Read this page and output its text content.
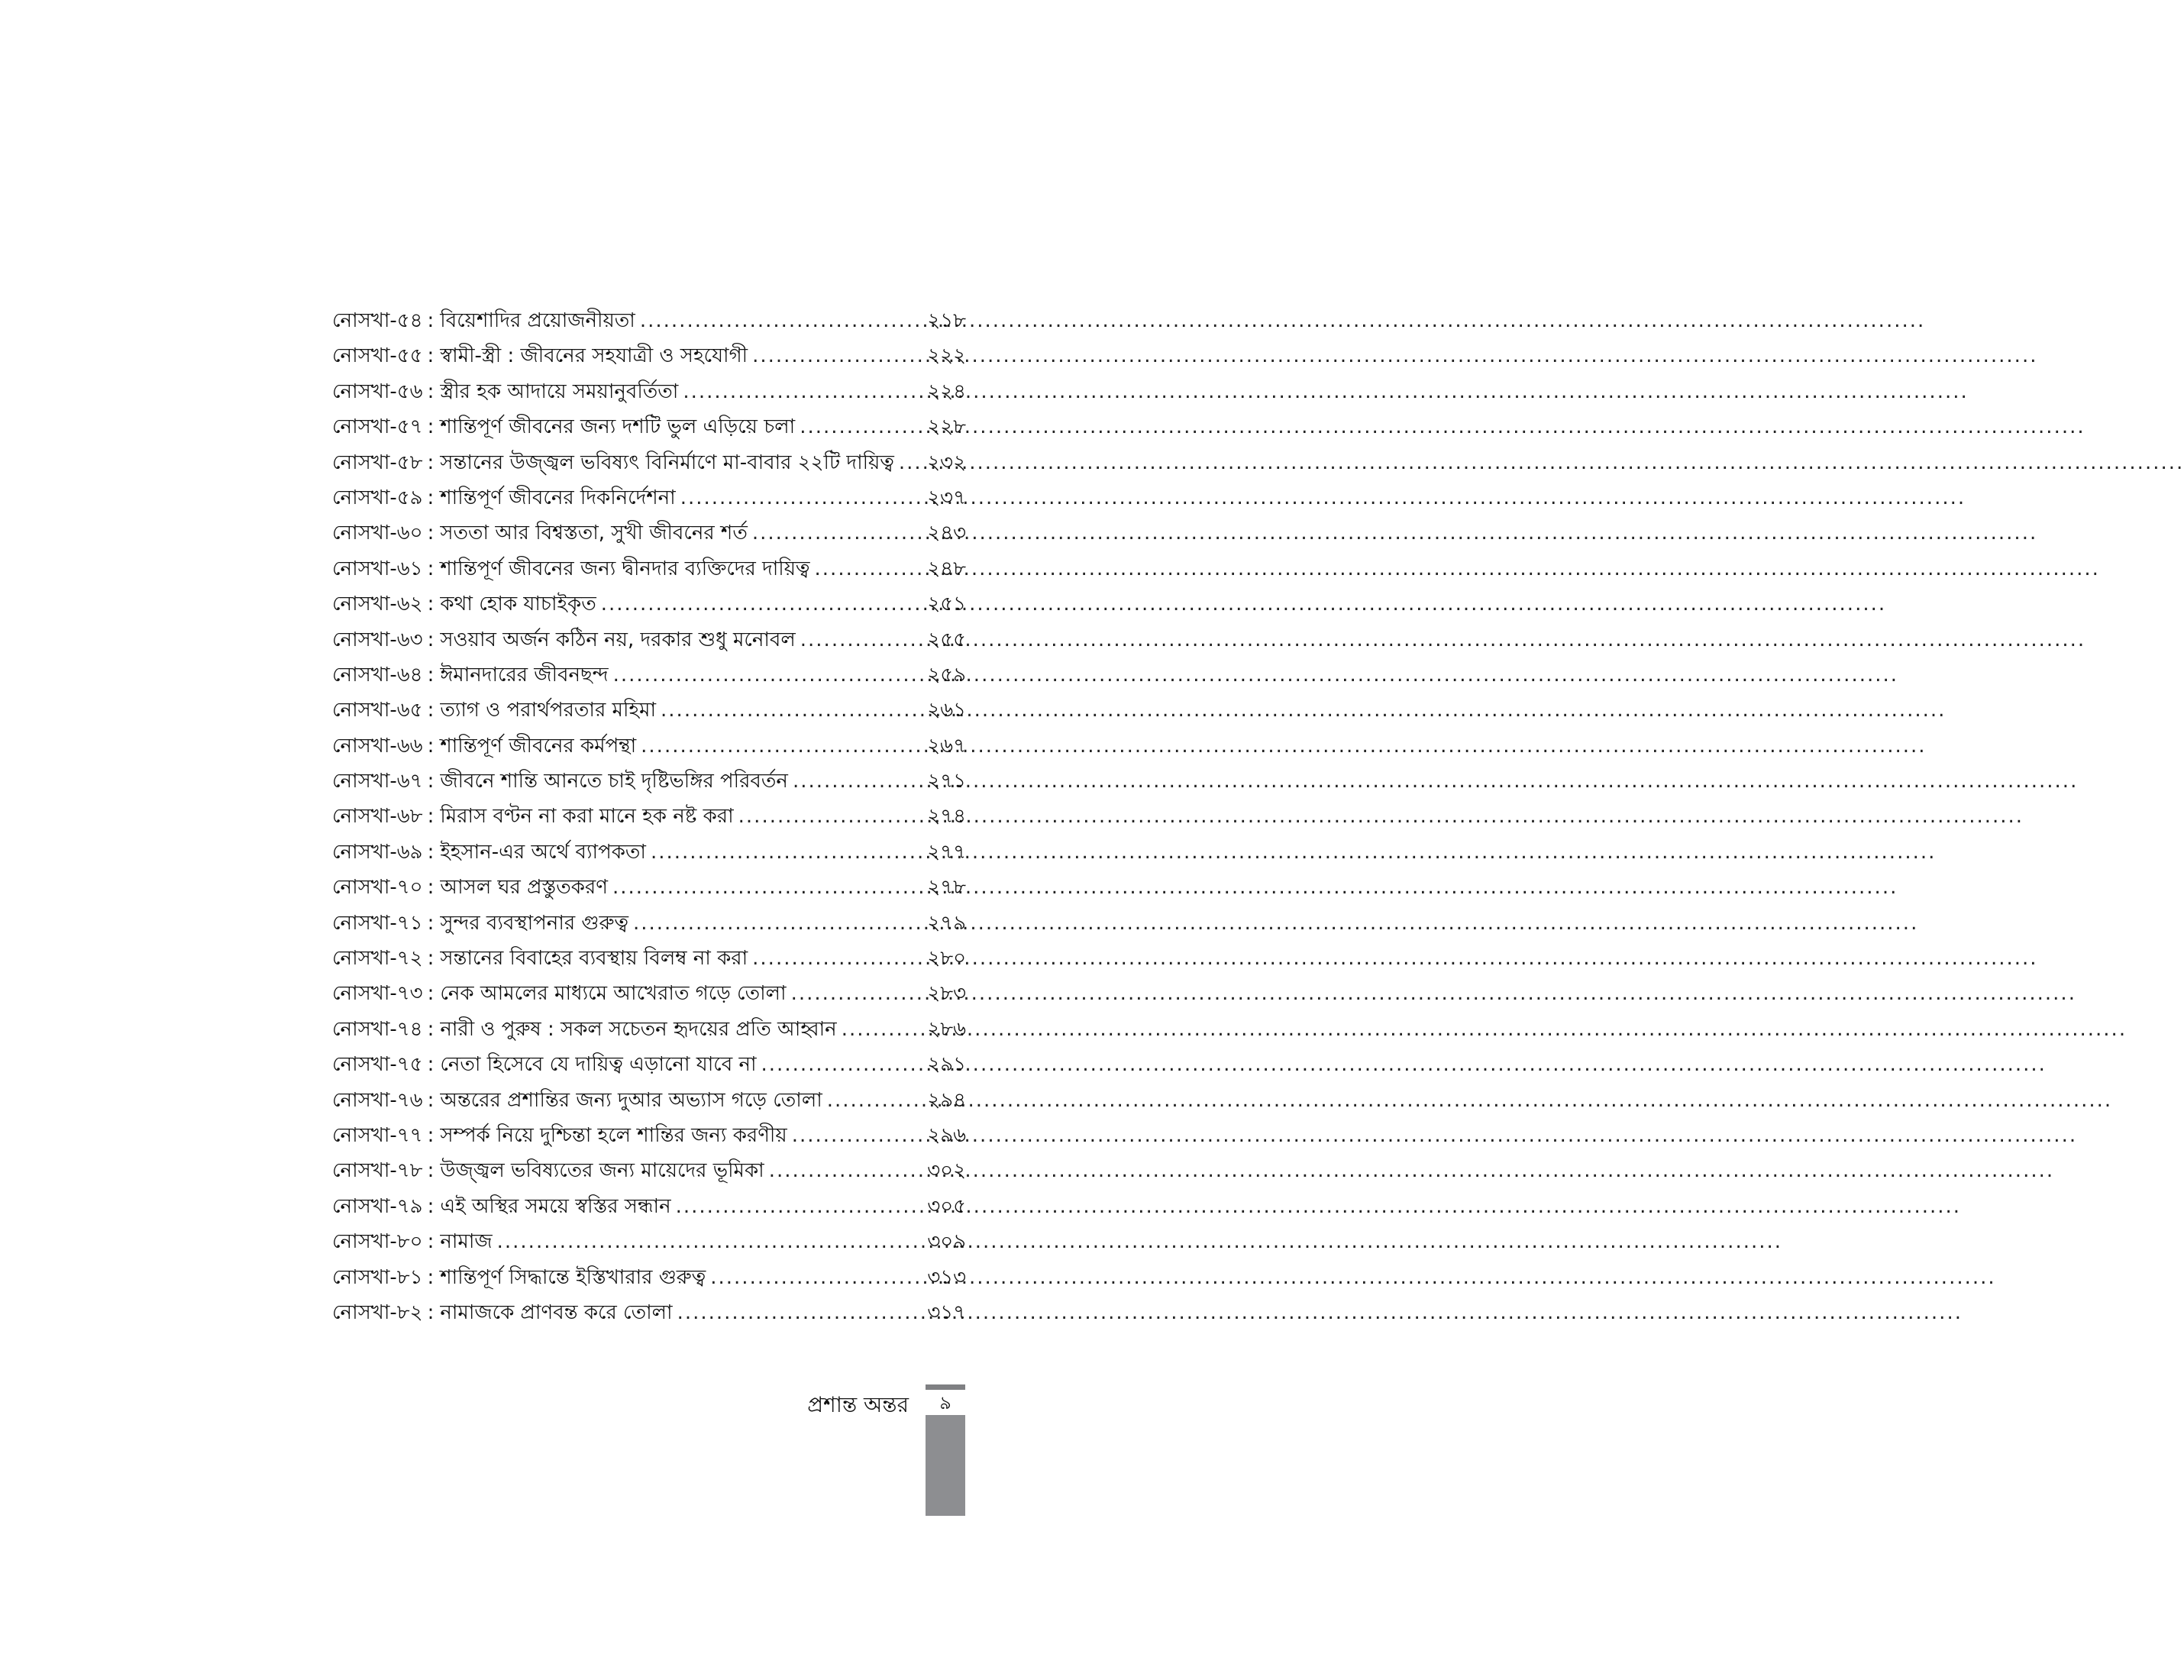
নোসখা-৫৪ : বিয়েশাদির প্রয়োজনীয়তা .....	২১৮
নোসখা-৫৫ : স্বামী-স্ত্রী : জীবনের সহযাত্রী ও সহযোগী .....	২২২
নোসখা-৫৬ : স্ত্রীর হক আদায়ে সময়ানুবর্তিতা .....	২২৪
নোসখা-৫৭ : শান্তিপূর্ণ জীবনের জন্য দশটি ভুল এড়িয়ে চলা .....	২২৮
নোসখা-৫৮ : সন্তানের উজ্জ্বল ভবিষ্যৎ বিনির্মাণে মা-বাবার ২২টি দায়িত্ব ..... ২৩২
নোসখা-৫৯ : শান্তিপূর্ণ জীবনের দিকনির্দেশনা .....	২৩৭
নোসখা-৬০ : সততা আর বিশ্বস্ততা, সুখী জীবনের শর্ত .....	২৪৩
নোসখা-৬১ : শান্তিপূর্ণ জীবনের জন্য দ্বীনদার ব্যক্তিদের দায়িত্ব .....	২৪৮
নোসখা-৬২ : কথা হোক যাচাইকৃত .....	২৫১
নোসখা-৬৩ : সওয়াব অর্জন কঠিন নয়, দরকার শুধু মনোবল .....	২৫৫
নোসখা-৬৪ : ঈমানদারের জীবনছন্দ .....	২৫৯
নোসখা-৬৫ : ত্যাগ ও পরার্থপরতার মহিমা .....	২৬১
নোসখা-৬৬ : শান্তিপূর্ণ জীবনের কর্মপন্থা .....	২৬৭
নোসখা-৬৭ : জীবনে শান্তি আনতে চাই দৃষ্টিভঙ্গির পরিবর্তন .....	২৭১
নোসখা-৬৮ : মিরাস বণ্টন না করা মানে হক নষ্ট করা .....	২৭৪
নোসখা-৬৯ : ইহসান-এর অর্থে ব্যাপকতা .....	২৭৭
নোসখা-৭০ : আসল ঘর প্রস্তুতকরণ .....	২৭৮
নোসখা-৭১ : সুন্দর ব্যবস্থাপনার গুরুত্ব .....	২৭৯
নোসখা-৭২ : সন্তানের বিবাহের ব্যবস্থায় বিলম্ব না করা .....	২৮০
নোসখা-৭৩ : নেক আমলের মাধ্যমে আখেরাত গড়ে তোলা .....	২৮৩
নোসখা-৭৪ : নারী ও পুরুষ : সকল সচেতন হৃদয়ের প্রতি আহ্বান .....	২৮৬
নোসখা-৭৫ : নেতা হিসেবে যে দায়িত্ব এড়ানো যাবে না .....	২৯১
নোসখা-৭৬ : অন্তরের প্রশান্তির জন্য দুআর অভ্যাস গড়ে তোলা .....	২৯৪
নোসখা-৭৭ : সম্পর্ক নিয়ে দুশ্চিন্তা হলে শান্তির জন্য করণীয় .....	২৯৬
নোসখা-৭৮ : উজ্জ্বল ভবিষ্যতের জন্য মায়েদের ভূমিকা .....	৩০২
নোসখা-৭৯ : এই অস্থির সময়ে স্বস্তির সন্ধান .....	৩০৫
নোসখা-৮০ : নামাজ .....	৩০৯
নোসখা-৮১ : শান্তিপূর্ণ সিদ্ধান্তে ইস্তিখারার গুরুত্ব .....	৩১৩
নোসখা-৮২ : নামাজকে প্রাণবন্ত করে তোলা .....	৩১৭
প্রশান্ত অন্তর	৯
